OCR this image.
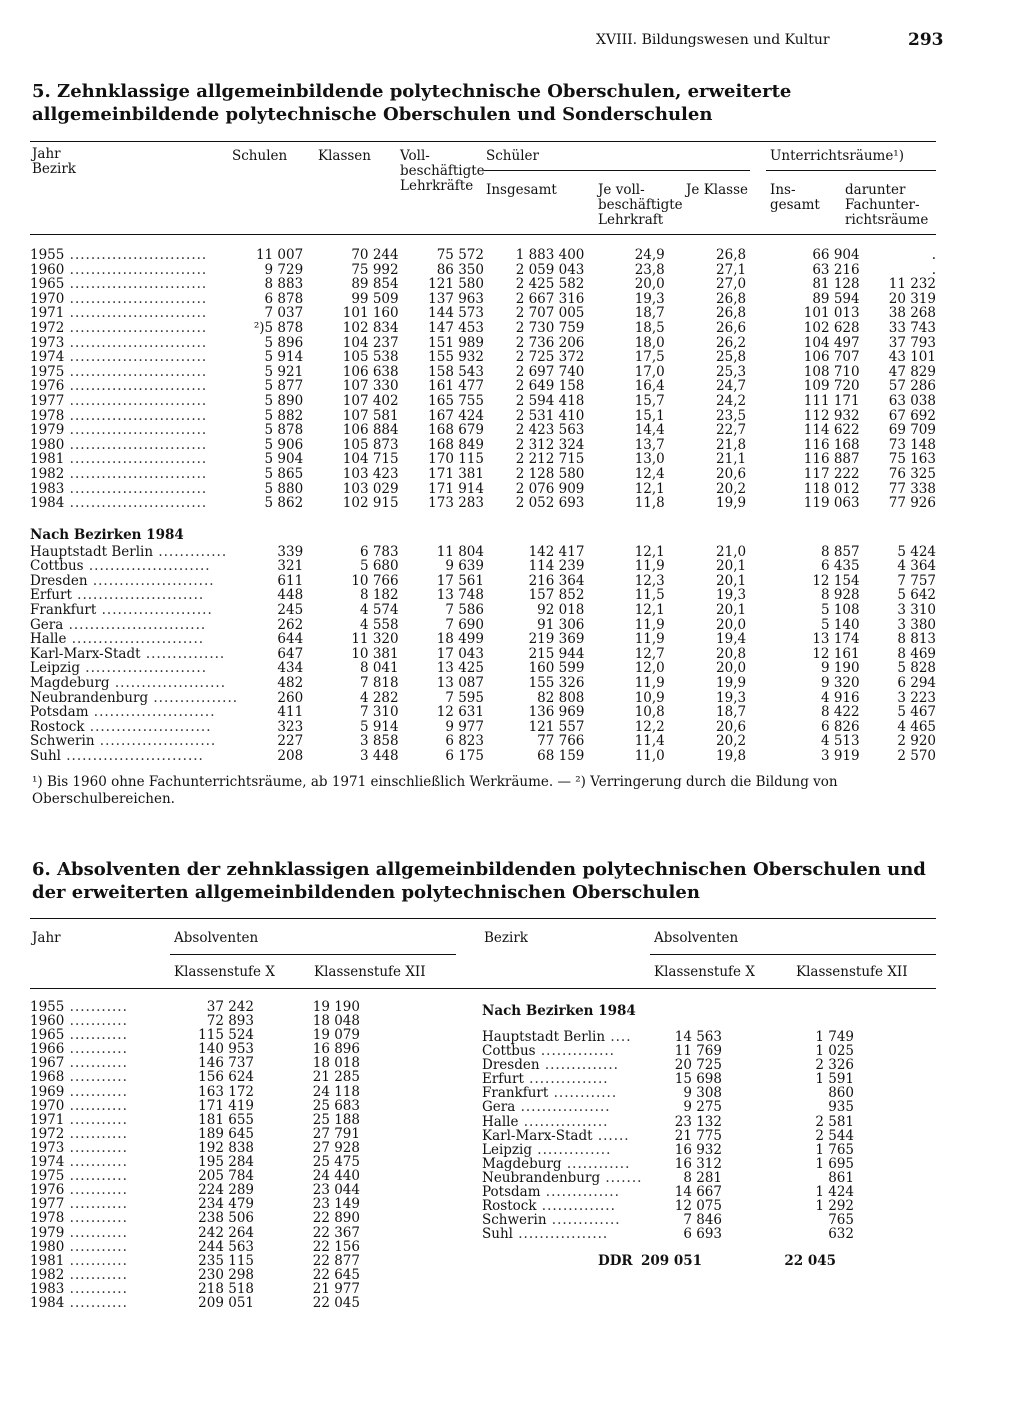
XVIII. Bildungswesen und Kultur	293
5. Zehnklassige allgemeinbildende polytechnische Oberschulen, erweiterte allgemeinbildende polytechnische Oberschulen und Sonderschulen
Jahr
Bezirk
Schulen Klassen Voll-
beschäftigte
Lehrkräfte
Schüler
Insgesamt	Je voll-
beschäftigte
Lehrkraft
Je Klasse
Unterrichtsräume¹)
Ins-
gesamt
darunter
Fachunter-
richtsräume
1955 ..........................	11 007	70 244	75 572	1 883 400	24,9	26,8	66 904	.
1960 ..........................	9 729	75 992	86 350	2 059 043	23,8	27,1	63 216	.
1965 ..........................	8 883	89 854	121 580	2 425 582	20,0	27,0	81 128	11 232
1970 ..........................	6 878	99 509	137 963	2 667 316	19,3	26,8	89 594	20 319
1971 ..........................	7 037	101 160	144 573	2 707 005	18,7	26,8	101 013	38 268
1972 ..........................	²)5 878	102 834	147 453	2 730 759	18,5	26,6	102 628	33 743
1973 ..........................	5 896	104 237	151 989	2 736 206	18,0	26,2	104 497	37 793
1974 ..........................	5 914	105 538	155 932	2 725 372	17,5	25,8	106 707	43 101
1975 ..........................	5 921	106 638	158 543	2 697 740	17,0	25,3	108 710	47 829
1976 ..........................	5 877	107 330	161 477	2 649 158	16,4	24,7	109 720	57 286
1977 ..........................	5 890	107 402	165 755	2 594 418	15,7	24,2	111 171	63 038
1978 ..........................	5 882	107 581	167 424	2 531 410	15,1	23,5	112 932	67 692
1979 ..........................	5 878	106 884	168 679	2 423 563	14,4	22,7	114 622	69 709
1980 ..........................	5 906	105 873	168 849	2 312 324	13,7	21,8	116 168	73 148
1981 ..........................	5 904	104 715	170 115	2 212 715	13,0	21,1	116 887	75 163
1982 ..........................	5 865	103 423	171 381	2 128 580	12,4	20,6	117 222	76 325
1983 ..........................	5 880	103 029	171 914	2 076 909	12,1	20,2	118 012	77 338
1984 ..........................	5 862	102 915	173 283	2 052 693	11,8	19,9	119 063	77 926

Nach Bezirken 1984								
Hauptstadt Berlin .............	339	6 783	11 804	142 417	12,1	21,0	8 857	5 424
Cottbus .......................	321	5 680	9 639	114 239	11,9	20,1	6 435	4 364
Dresden .......................	611	10 766	17 561	216 364	12,3	20,1	12 154	7 757
Erfurt ........................	448	8 182	13 748	157 852	11,5	19,3	8 928	5 642
Frankfurt .....................	245	4 574	7 586	92 018	12,1	20,1	5 108	3 310
Gera ..........................	262	4 558	7 690	91 306	11,9	20,0	5 140	3 380
Halle .........................	644	11 320	18 499	219 369	11,9	19,4	13 174	8 813
Karl-Marx-Stadt ...............	647	10 381	17 043	215 944	12,7	20,8	12 161	8 469
Leipzig .......................	434	8 041	13 425	160 599	12,0	20,0	9 190	5 828
Magdeburg .....................	482	7 818	13 087	155 326	11,9	19,9	9 320	6 294
Neubrandenburg ................	260	4 282	7 595	82 808	10,9	19,3	4 916	3 223
Potsdam .......................	411	7 310	12 631	136 969	10,8	18,7	8 422	5 467
Rostock .......................	323	5 914	9 977	121 557	12,2	20,6	6 826	4 465
Schwerin ......................	227	3 858	6 823	77 766	11,4	20,2	4 513	2 920
Suhl ..........................	208	3 448	6 175	68 159	11,0	19,8	3 919	2 570

¹) Bis 1960 ohne Fachunterrichtsräume, ab 1971 einschließlich Werkräume. — ²) Verringerung durch die Bildung von Oberschulbereichen.

6. Absolventen der zehnklassigen allgemeinbildenden polytechnischen Oberschulen und der erweiterten allgemeinbildenden polytechnischen Oberschulen
Jahr	Absolventen
Klassenstufe X	Klassenstufe XII
Bezirk	Absolventen
Klassenstufe X	Klassenstufe XII
1955 ...........	37 242	19 190
1960 ...........	72 893	18 048
1965 ...........	115 524	19 079
1966 ...........	140 953	16 896
1967 ...........	146 737	18 018
1968 ...........	156 624	21 285
1969 ...........	163 172	24 118
1970 ...........	171 419	25 683
1971 ...........	181 655	25 188
1972 ...........	189 645	27 791
1973 ...........	192 838	27 928
1974 ...........	195 284	25 475
1975 ...........	205 784	24 440
1976 ...........	224 289	23 044
1977 ...........	234 479	23 149
1978 ...........	238 506	22 890
1979 ...........	242 264	22 367
1980 ...........	244 563	22 156
1981 ...........	235 115	22 877
1982 ...........	230 298	22 645
1983 ...........	218 518	21 977
1984 ...........	209 051	22 045
Nach Bezirken 1984
Hauptstadt Berlin ....	14 563	1 749
Cottbus ..............	11 769	1 025
Dresden ..............	20 725	2 326
Erfurt ...............	15 698	1 591
Frankfurt ............	9 308	860
Gera .................	9 275	935
Halle ................	23 132	2 581
Karl-Marx-Stadt ......	21 775	2 544
Leipzig ..............	16 932	1 765
Magdeburg ............	16 312	1 695
Neubrandenburg .......	8 281	861
Potsdam ..............	14 667	1 424
Rostock ..............	12 075	1 292
Schwerin .............	7 846	765
Suhl .................	6 693	632
DDR 209 051	22 045
